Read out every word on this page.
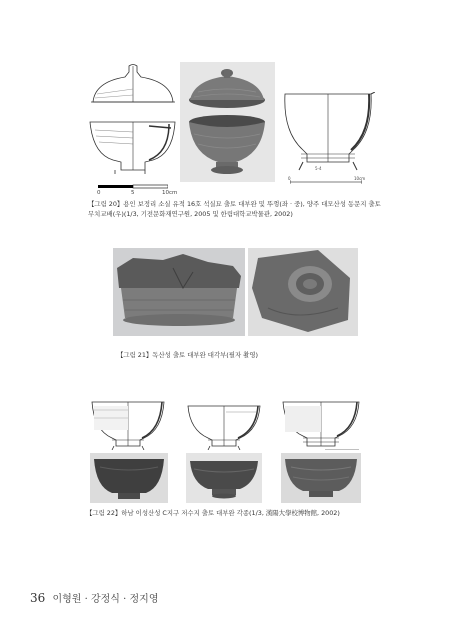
0	5	10cm
5-4
0	10cm
【그림 20】용인 보정리 소실 유적 16호 석실묘 출토 대부완 및 뚜껑(좌 · 중), 양주 대모산성 동문지 출토
무치교배(우)(1/3, 기전문화재연구원, 2005 및 한림대학교박물관, 2002)
【그림 21】독산성 출토 대부완 대각부(필자 촬영)
【그림 22】하남 이성산성 C지구 저수지 출토 대부완 각종(1/3, 漢陽大學校博物館, 2002)
36 이형원 · 강정식 · 정지영
